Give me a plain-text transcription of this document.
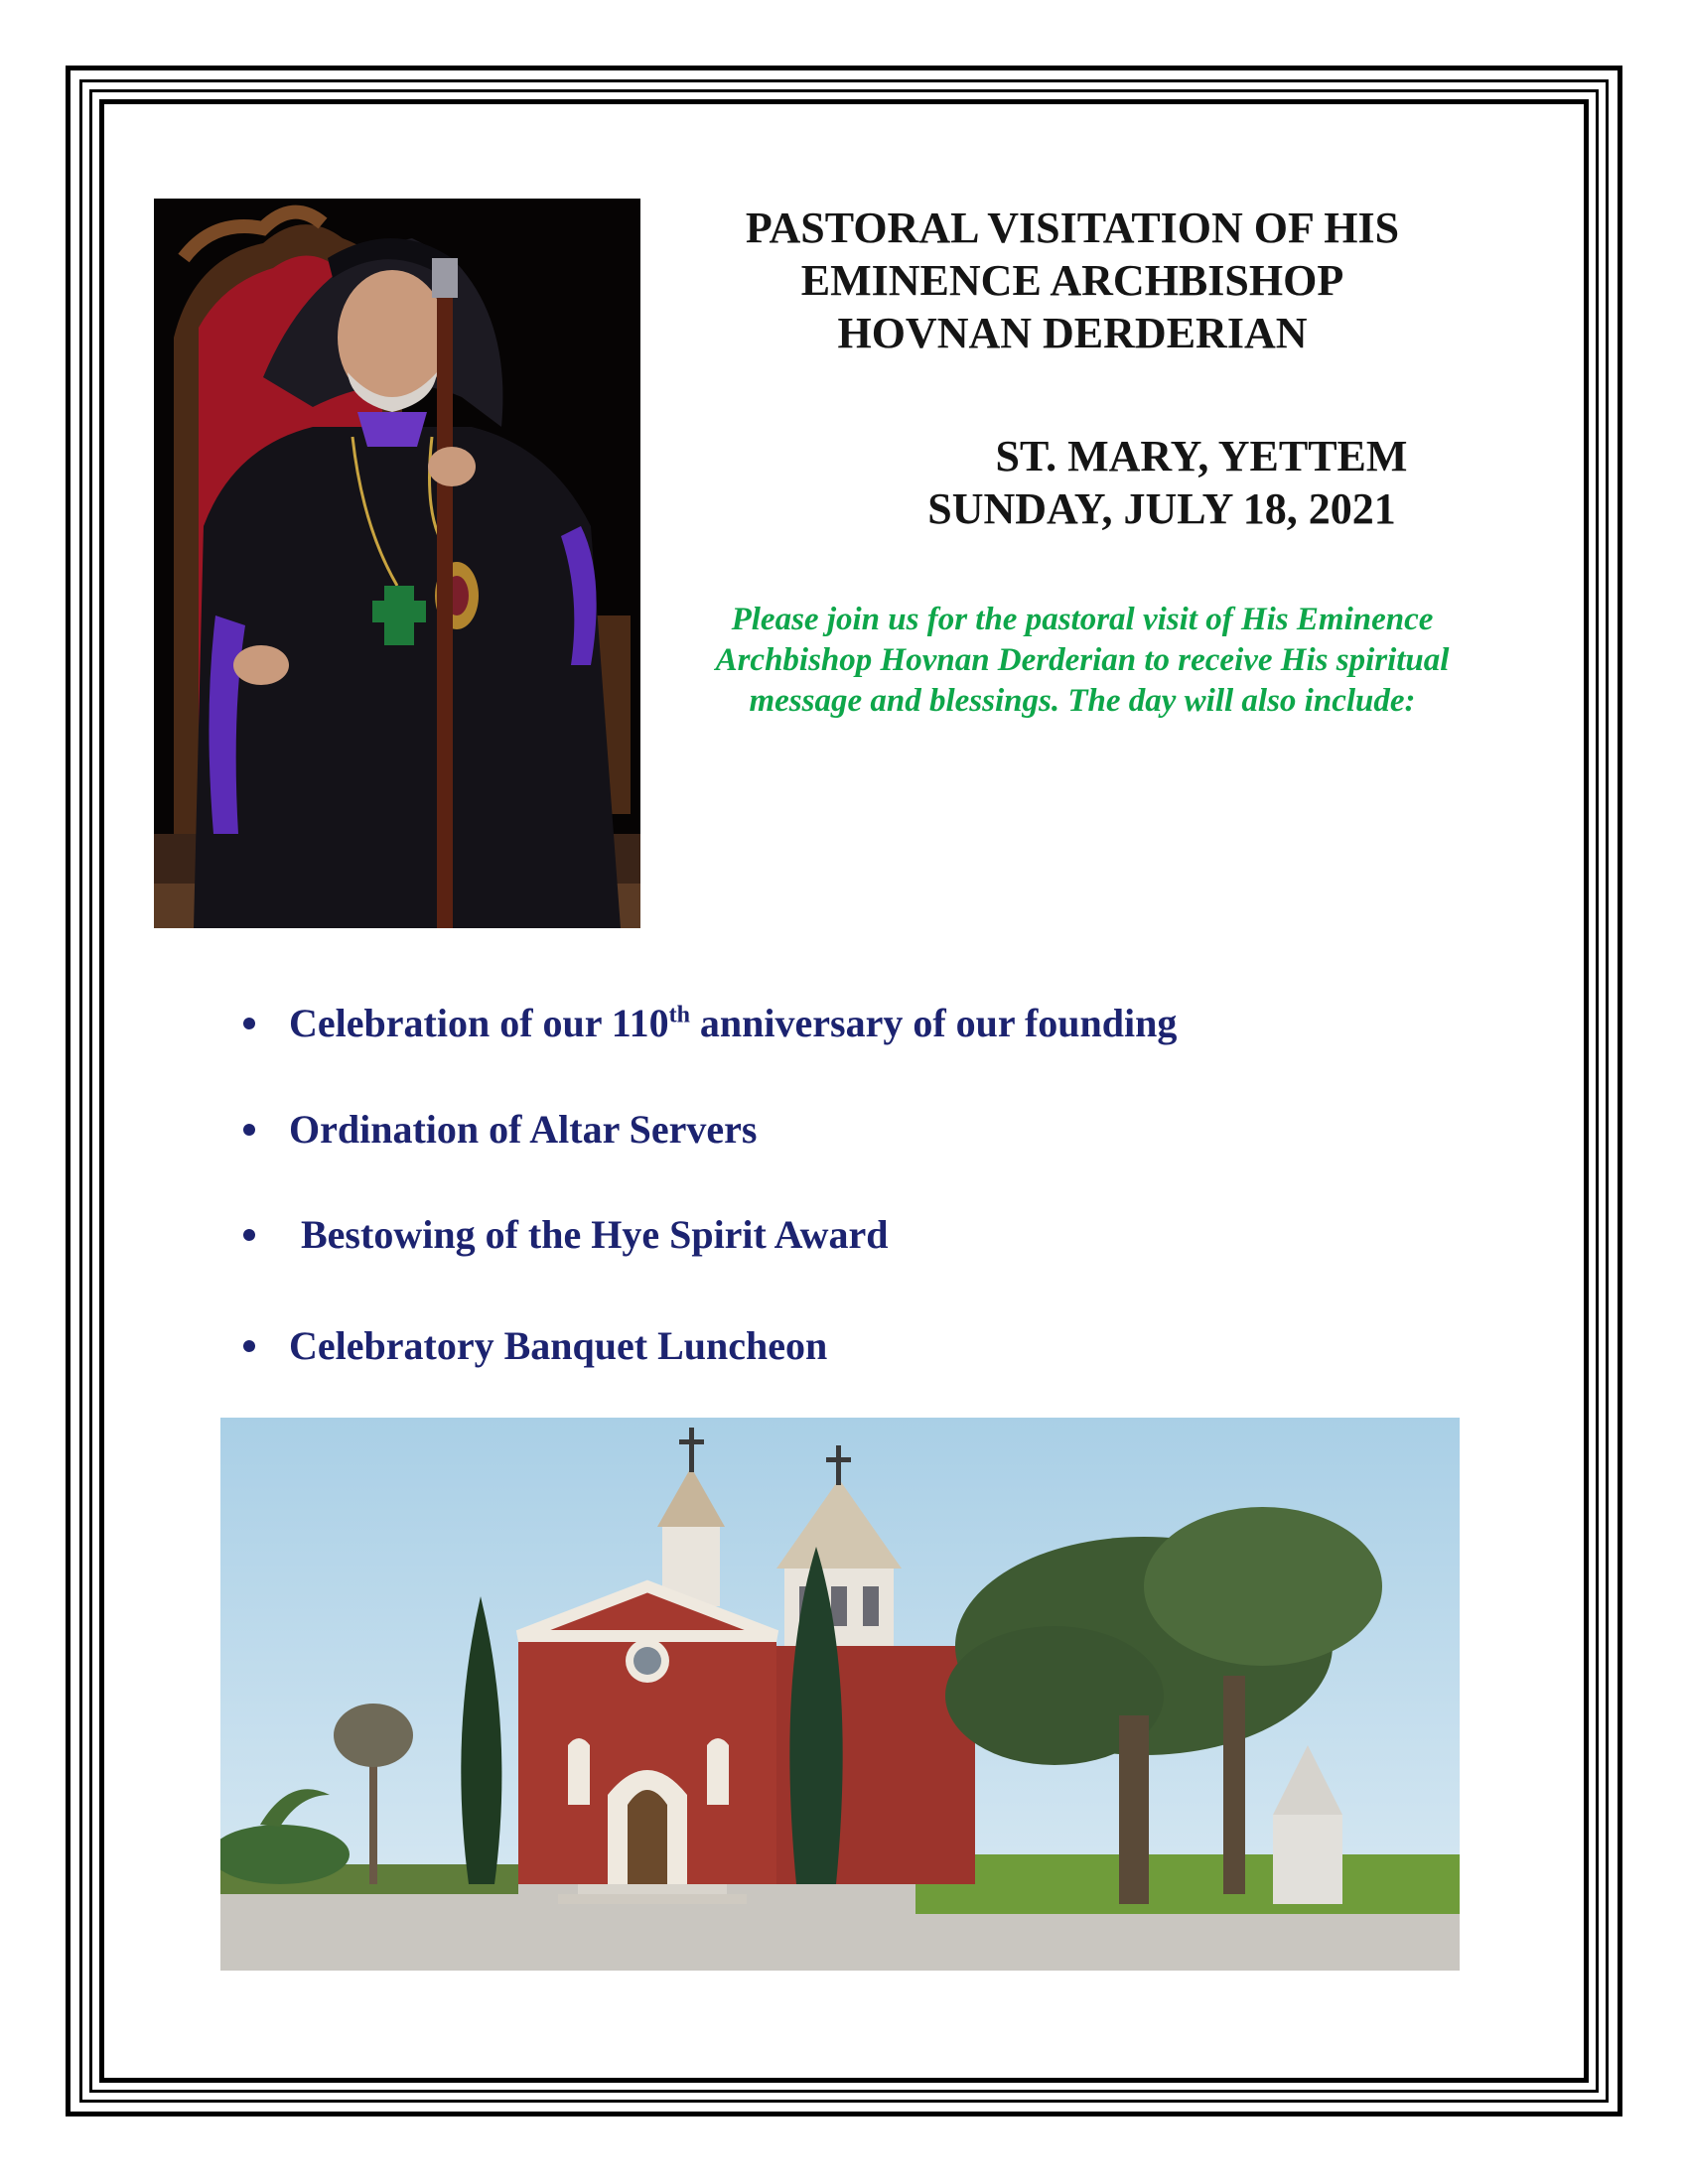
PASTORAL VISITATION OF HIS
EMINENCE ARCHBISHOP
HOVNAN DERDERIAN
ST. MARY, YETTEM
SUNDAY, JULY 18, 2021
Please join us for the pastoral visit of His Eminence Archbishop Hovnan Derderian to receive His spiritual message and blessings. The day will also include:
Celebration of our 110th anniversary of our founding
Ordination of Altar Servers
Bestowing of the Hye Spirit Award
Celebratory Banquet Luncheon
